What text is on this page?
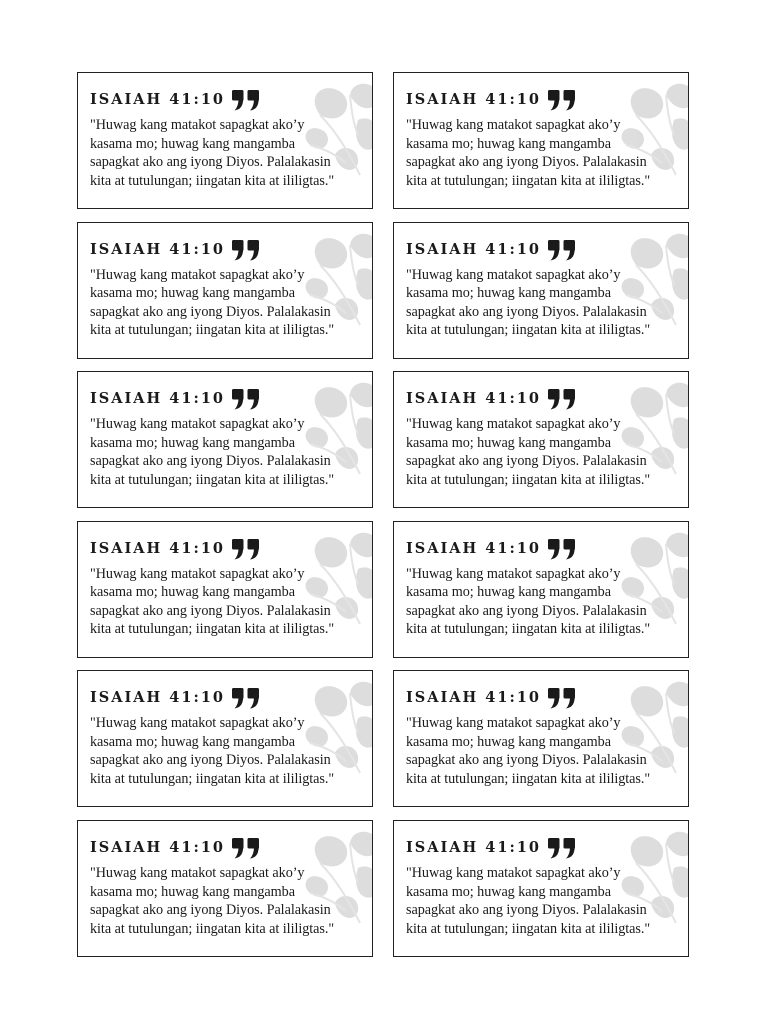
ISAIAH 41:10
"Huwag kang matakot sapagkat ako’y
kasama mo; huwag kang mangamba
sapagkat ako ang iyong Diyos. Palalakasin
kita at tutulungan; iingatan kita at ililigtas."
ISAIAH 41:10
"Huwag kang matakot sapagkat ako’y
kasama mo; huwag kang mangamba
sapagkat ako ang iyong Diyos. Palalakasin
kita at tutulungan; iingatan kita at ililigtas."
ISAIAH 41:10
"Huwag kang matakot sapagkat ako’y
kasama mo; huwag kang mangamba
sapagkat ako ang iyong Diyos. Palalakasin
kita at tutulungan; iingatan kita at ililigtas."
ISAIAH 41:10
"Huwag kang matakot sapagkat ako’y
kasama mo; huwag kang mangamba
sapagkat ako ang iyong Diyos. Palalakasin
kita at tutulungan; iingatan kita at ililigtas."
ISAIAH 41:10
"Huwag kang matakot sapagkat ako’y
kasama mo; huwag kang mangamba
sapagkat ako ang iyong Diyos. Palalakasin
kita at tutulungan; iingatan kita at ililigtas."
ISAIAH 41:10
"Huwag kang matakot sapagkat ako’y
kasama mo; huwag kang mangamba
sapagkat ako ang iyong Diyos. Palalakasin
kita at tutulungan; iingatan kita at ililigtas."
ISAIAH 41:10
"Huwag kang matakot sapagkat ako’y
kasama mo; huwag kang mangamba
sapagkat ako ang iyong Diyos. Palalakasin
kita at tutulungan; iingatan kita at ililigtas."
ISAIAH 41:10
"Huwag kang matakot sapagkat ako’y
kasama mo; huwag kang mangamba
sapagkat ako ang iyong Diyos. Palalakasin
kita at tutulungan; iingatan kita at ililigtas."
ISAIAH 41:10
"Huwag kang matakot sapagkat ako’y
kasama mo; huwag kang mangamba
sapagkat ako ang iyong Diyos. Palalakasin
kita at tutulungan; iingatan kita at ililigtas."
ISAIAH 41:10
"Huwag kang matakot sapagkat ako’y
kasama mo; huwag kang mangamba
sapagkat ako ang iyong Diyos. Palalakasin
kita at tutulungan; iingatan kita at ililigtas."
ISAIAH 41:10
"Huwag kang matakot sapagkat ako’y
kasama mo; huwag kang mangamba
sapagkat ako ang iyong Diyos. Palalakasin
kita at tutulungan; iingatan kita at ililigtas."
ISAIAH 41:10
"Huwag kang matakot sapagkat ako’y
kasama mo; huwag kang mangamba
sapagkat ako ang iyong Diyos. Palalakasin
kita at tutulungan; iingatan kita at ililigtas."
